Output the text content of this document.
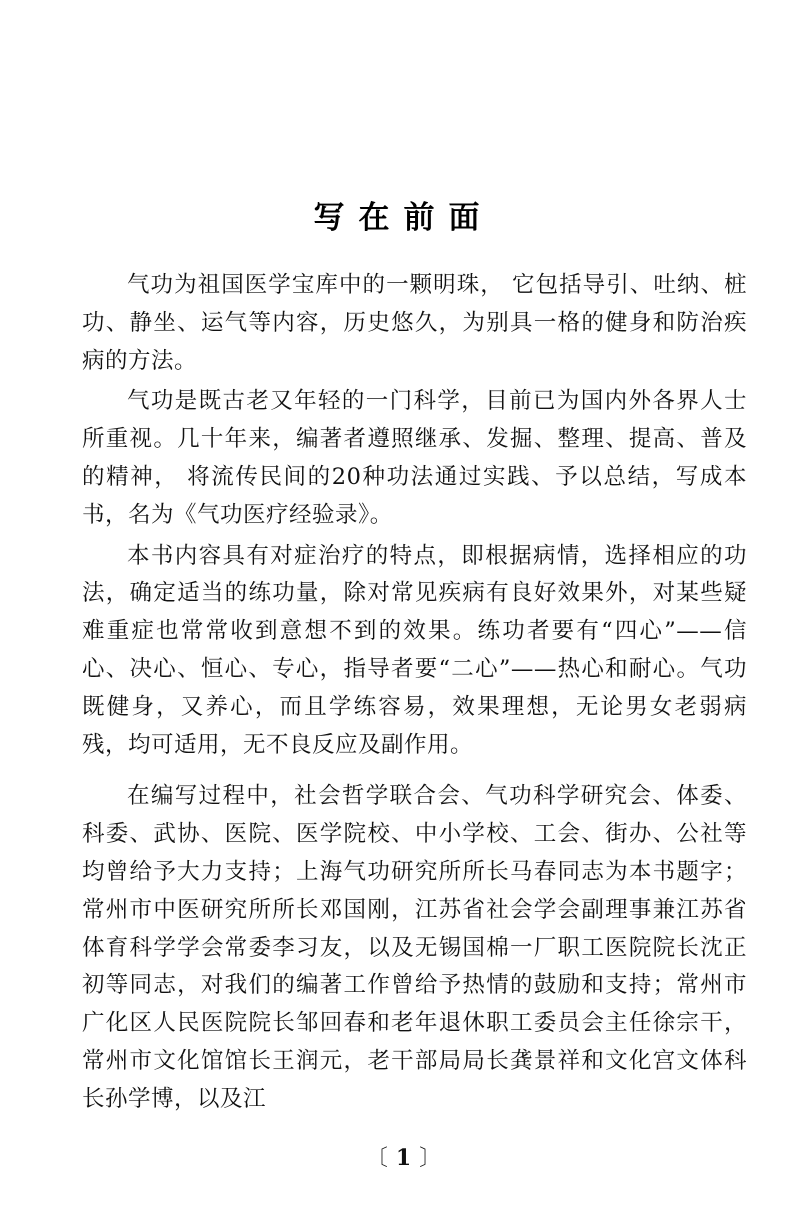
写在前面

气功为祖国医学宝库中的一颗明珠， 它包括导引、吐纳、桩功、静坐、运气等内容，历史悠久，为别具一格的健身和防治疾病的方法。

气功是既古老又年轻的一门科学，目前已为国内外各界人士所重视。几十年来，编著者遵照继承、发掘、整理、提高、普及的精神， 将流传民间的20种功法通过实践、予以总结，写成本书，名为《气功医疗经验录》。

本书内容具有对症治疗的特点，即根据病情，选择相应的功法，确定适当的练功量，除对常见疾病有良好效果外，对某些疑难重症也常常收到意想不到的效果。练功者要有“四心”——信心、决心、恒心、专心，指导者要“二心”——热心和耐心。气功既健身，又养心，而且学练容易，效果理想，无论男女老弱病残，均可适用，无不良反应及副作用。

在编写过程中，社会哲学联合会、气功科学研究会、体委、科委、武协、医院、医学院校、中小学校、工会、街办、公社等均曾给予大力支持；上海气功研究所所长马春同志为本书题字；常州市中医研究所所长邓国刚，江苏省社会学会副理事兼江苏省体育科学学会常委李习友，以及无锡国棉一厂职工医院院长沈正初等同志，对我们的编著工作曾给予热情的鼓励和支持；常州市广化区人民医院院长邹回春和老年退休职工委员会主任徐宗干，常州市文化馆馆长王润元，老干部局局长龚景祥和文化宫文体科长孙学博，以及江

〔 1 〕
